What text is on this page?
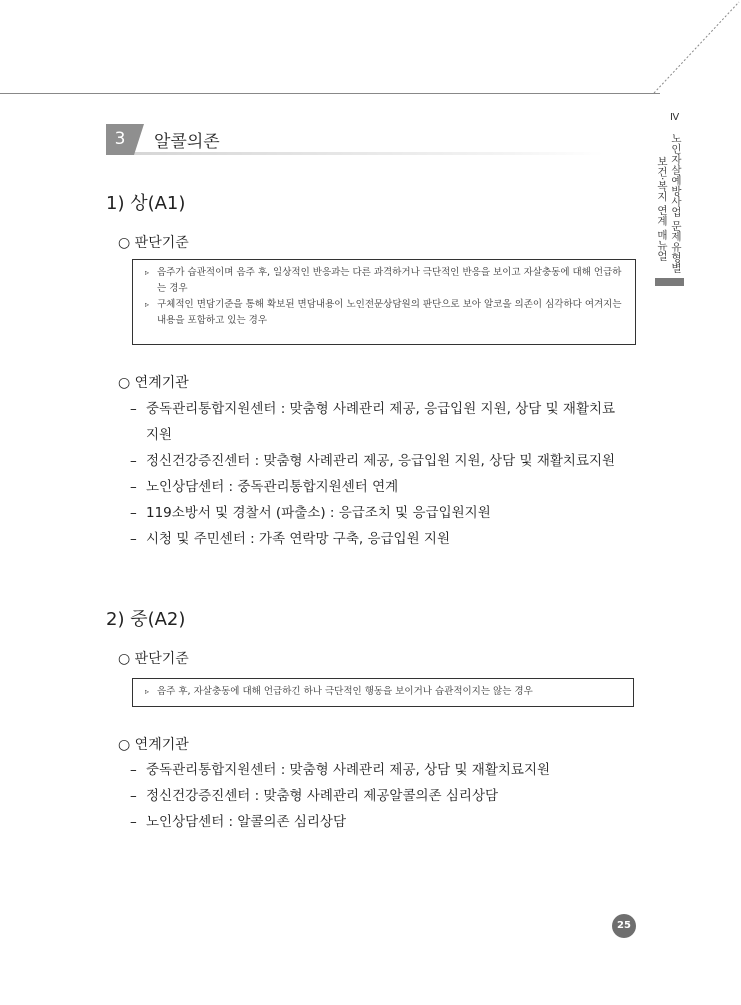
Ⅳ
노인자살예방사업 문제유형별
보건·복지 연계 매뉴얼
3	알콜의존
1) 상(A1)
○ 판단기준
▹ 음주가 습관적이며 음주 후, 일상적인 반응과는 다른 과격하거나 극단적인 반응을 보이고 자살충동에 대해 언급하는 경우
▹ 구체적인 면담기준을 통해 확보된 면담내용이 노인전문상담원의 판단으로 보아 알코올 의존이 심각하다 여겨지는 내용을 포함하고 있는 경우
○ 연계기관
– 중독관리통합지원센터 : 맞춤형 사례관리 제공, 응급입원 지원, 상담 및 재활치료
지원
– 정신건강증진센터 : 맞춤형 사례관리 제공, 응급입원 지원, 상담 및 재활치료지원
– 노인상담센터 : 중독관리통합지원센터 연계
– 119소방서 및 경찰서 (파출소) : 응급조치 및 응급입원지원
– 시청 및 주민센터 : 가족 연락망 구축, 응급입원 지원
2) 중(A2)
○ 판단기준
▹ 음주 후, 자살충동에 대해 언급하긴 하나 극단적인 행동을 보이거나 습관적이지는 않는 경우
○ 연계기관
– 중독관리통합지원센터 : 맞춤형 사례관리 제공, 상담 및 재활치료지원
– 정신건강증진센터 : 맞춤형 사례관리 제공알콜의존 심리상담
– 노인상담센터 : 알콜의존 심리상담
25
